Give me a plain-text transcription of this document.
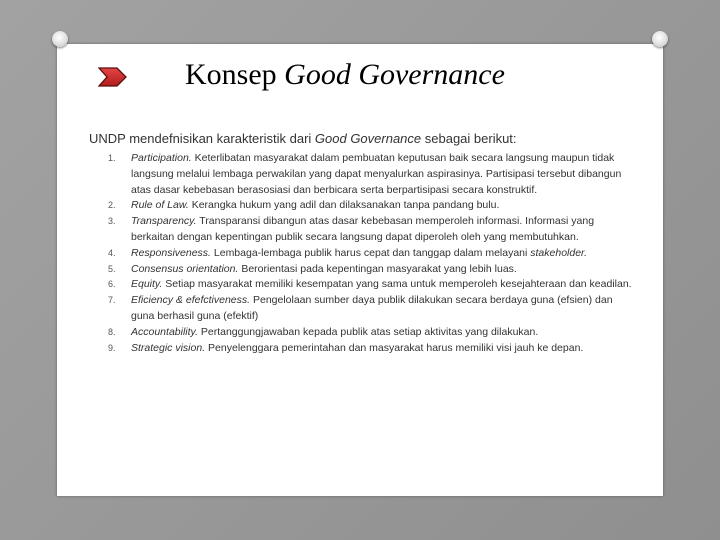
Konsep Good Governance
UNDP mendefnisikan karakteristik dari Good Governance sebagai berikut:
1. Participation. Keterlibatan masyarakat dalam pembuatan keputusan baik secara langsung maupun tidak langsung melalui lembaga perwakilan yang dapat menyalurkan aspirasinya. Partisipasi tersebut dibangun atas dasar kebebasan berasosiasi dan berbicara serta berpartisipasi secara konstruktif.
2. Rule of Law. Kerangka hukum yang adil dan dilaksanakan tanpa pandang bulu.
3. Transparency. Transparansi dibangun atas dasar kebebasan memperoleh informasi. Informasi yang berkaitan dengan kepentingan publik secara langsung dapat diperoleh oleh yang membutuhkan.
4. Responsiveness. Lembaga-lembaga publik harus cepat dan tanggap dalam melayani stakeholder.
5. Consensus orientation. Berorientasi pada kepentingan masyarakat yang lebih luas.
6. Equity. Setiap masyarakat memiliki kesempatan yang sama untuk memperoleh kesejahteraan dan keadilan.
7. Eficiency & efefctiveness. Pengelolaan sumber daya publik dilakukan secara berdaya guna (efsien) dan guna berhasil guna (efektif)
8. Accountability. Pertanggungjawaban kepada publik atas setiap aktivitas yang dilakukan.
9. Strategic vision. Penyelenggara pemerintahan dan masyarakat harus memiliki visi jauh ke depan.
